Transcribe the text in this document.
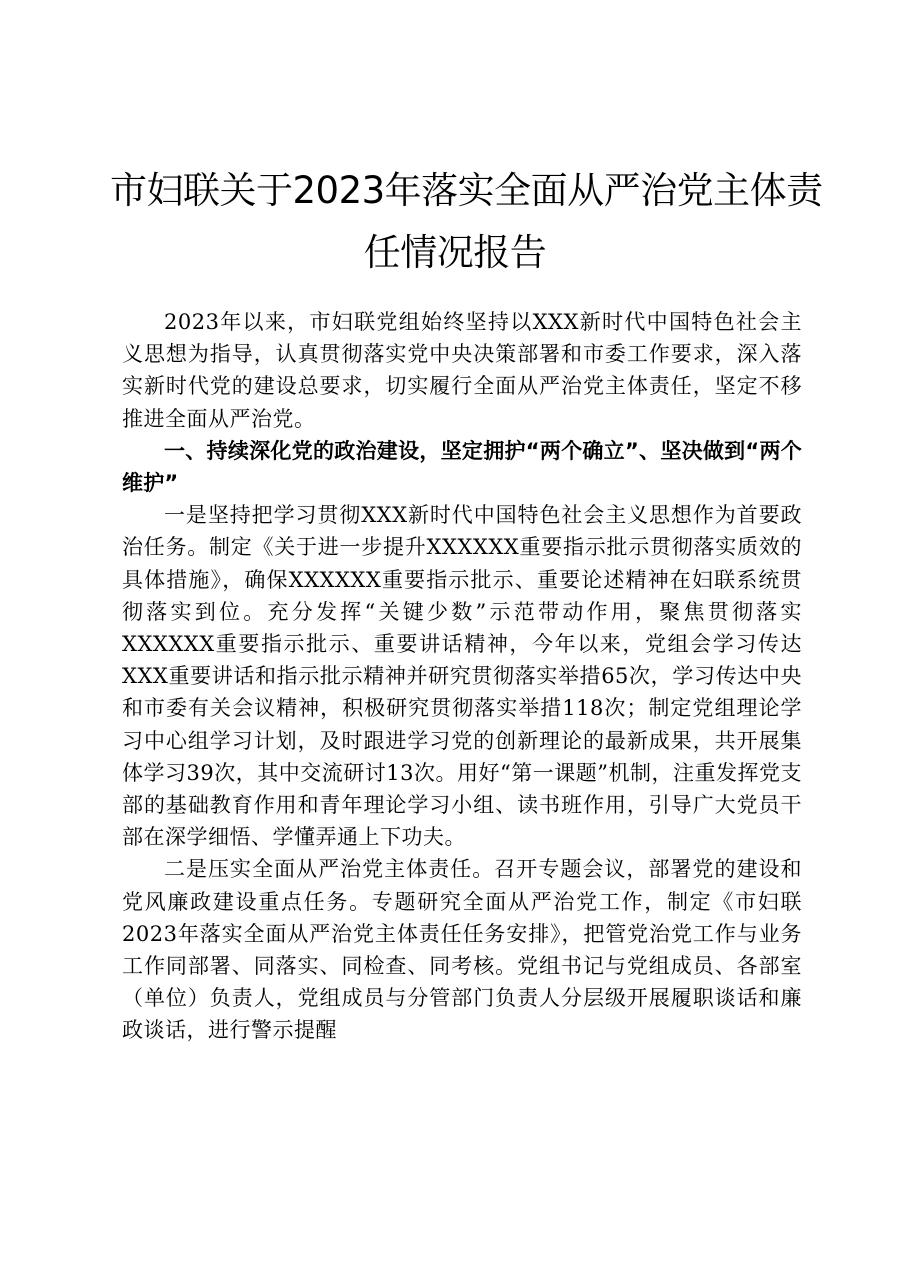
市妇联关于2023年落实全面从严治党主体责
任情况报告

2023年以来，市妇联党组始终坚持以XXX新时代中国特色社会主义思想为指导，认真贯彻落实党中央决策部署和市委工作要求，深入落实新时代党的建设总要求，切实履行全面从严治党主体责任，坚定不移推进全面从严治党。

一、持续深化党的政治建设，坚定拥护“两个确立”、坚决做到“两个维护”

一是坚持把学习贯彻XXX新时代中国特色社会主义思想作为首要政治任务。制定《关于进一步提升XXXXXX重要指示批示贯彻落实质效的具体措施》，确保XXXXXX重要指示批示、重要论述精神在妇联系统贯彻落实到位。充分发挥“关键少数”示范带动作用，聚焦贯彻落实XXXXXX重要指示批示、重要讲话精神，今年以来，党组会学习传达XXX重要讲话和指示批示精神并研究贯彻落实举措65次，学习传达中央和市委有关会议精神，积极研究贯彻落实举措118次；制定党组理论学习中心组学习计划，及时跟进学习党的创新理论的最新成果，共开展集体学习39次，其中交流研讨13次。用好“第一课题”机制，注重发挥党支部的基础教育作用和青年理论学习小组、读书班作用，引导广大党员干部在深学细悟、学懂弄通上下功夫。

二是压实全面从严治党主体责任。召开专题会议，部署党的建设和党风廉政建设重点任务。专题研究全面从严治党工作，制定《市妇联2023年落实全面从严治党主体责任任务安排》，把管党治党工作与业务工作同部署、同落实、同检查、同考核。党组书记与党组成员、各部室（单位）负责人，党组成员与分管部门负责人分层级开展履职谈话和廉政谈话，进行警示提醒
